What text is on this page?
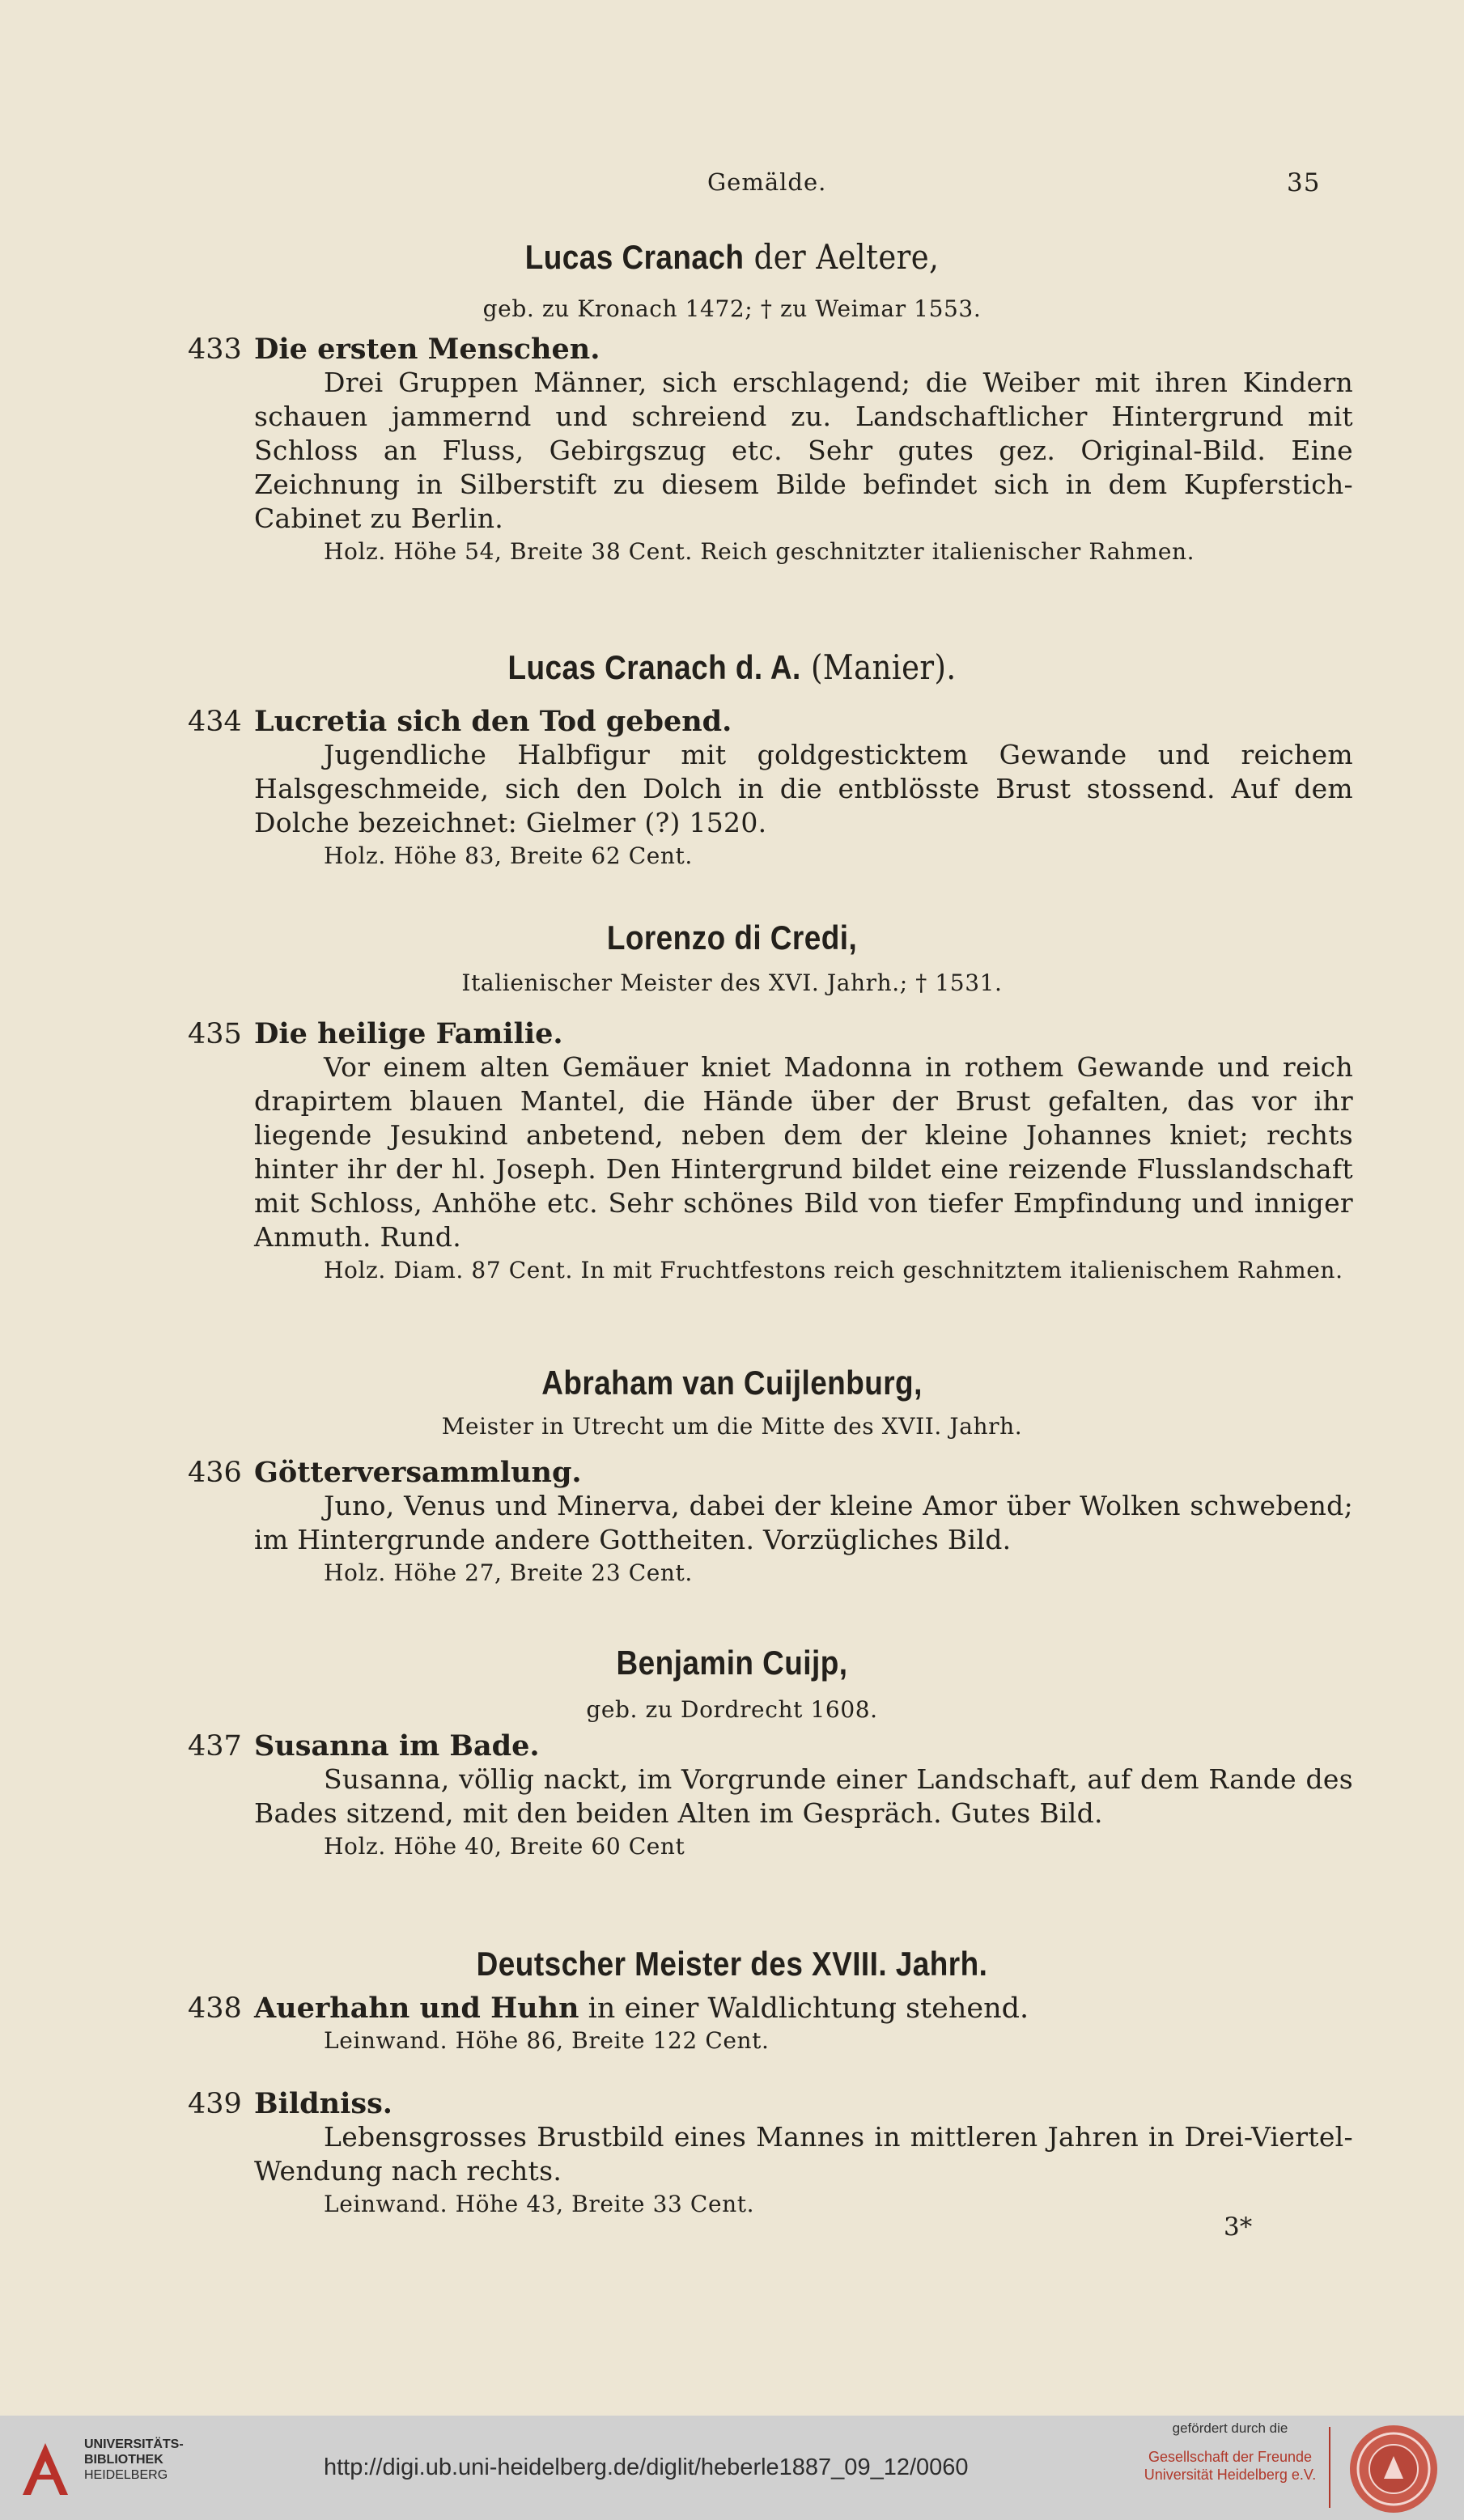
Gemälde.	35
Lucas Cranach der Aeltere,
geb. zu Kronach 1472; † zu Weimar 1553.
433 Die ersten Menschen.
Drei Gruppen Männer, sich erschlagend; die Weiber mit ihren Kindern schauen jammernd und schreiend zu. Landschaftlicher Hintergrund mit Schloss an Fluss, Gebirgszug etc. Sehr gutes gez. Original-Bild. Eine Zeichnung in Silberstift zu diesem Bilde befindet sich in dem Kupferstich-Cabinet zu Berlin.
Holz. Höhe 54, Breite 38 Cent. Reich geschnitzter italienischer Rahmen.
Lucas Cranach d. A. (Manier).
434 Lucretia sich den Tod gebend.
Jugendliche Halbfigur mit goldgesticktem Gewande und reichem Halsgeschmeide, sich den Dolch in die entblösste Brust stossend. Auf dem Dolche bezeichnet: Gielmer (?) 1520.
Holz. Höhe 83, Breite 62 Cent.
Lorenzo di Credi,
Italienischer Meister des XVI. Jahrh.; † 1531.
435 Die heilige Familie.
Vor einem alten Gemäuer kniet Madonna in rothem Gewande und reich drapirtem blauen Mantel, die Hände über der Brust gefalten, das vor ihr liegende Jesukind anbetend, neben dem der kleine Johannes kniet; rechts hinter ihr der hl. Joseph. Den Hintergrund bildet eine reizende Flusslandschaft mit Schloss, Anhöhe etc. Sehr schönes Bild von tiefer Empfindung und inniger Anmuth. Rund.
Holz. Diam. 87 Cent. In mit Fruchtfestons reich geschnitztem italienischem Rahmen.
Abraham van Cuijlenburg,
Meister in Utrecht um die Mitte des XVII. Jahrh.
436 Götterversammlung.
Juno, Venus und Minerva, dabei der kleine Amor über Wolken schwebend; im Hintergrunde andere Gottheiten. Vorzügliches Bild.
Holz. Höhe 27, Breite 23 Cent.
Benjamin Cuijp,
geb. zu Dordrecht 1608.
437 Susanna im Bade.
Susanna, völlig nackt, im Vorgrunde einer Landschaft, auf dem Rande des Bades sitzend, mit den beiden Alten im Gespräch. Gutes Bild.
Holz. Höhe 40, Breite 60 Cent
Deutscher Meister des XVIII. Jahrh.
438 Auerhahn und Huhn in einer Waldlichtung stehend.
Leinwand. Höhe 86, Breite 122 Cent.
439 Bildniss.
Lebensgrosses Brustbild eines Mannes in mittleren Jahren in Drei-Viertel-Wendung nach rechts.
Leinwand. Höhe 43, Breite 33 Cent.
3*
UNIVERSITÄTS-
BIBLIOTHEK
HEIDELBERG	http://digi.ub.uni-heidelberg.de/diglit/heberle1887_09_12/0060
gefördert durch die
Gesellschaft der Freunde
Universität Heidelberg e.V.
